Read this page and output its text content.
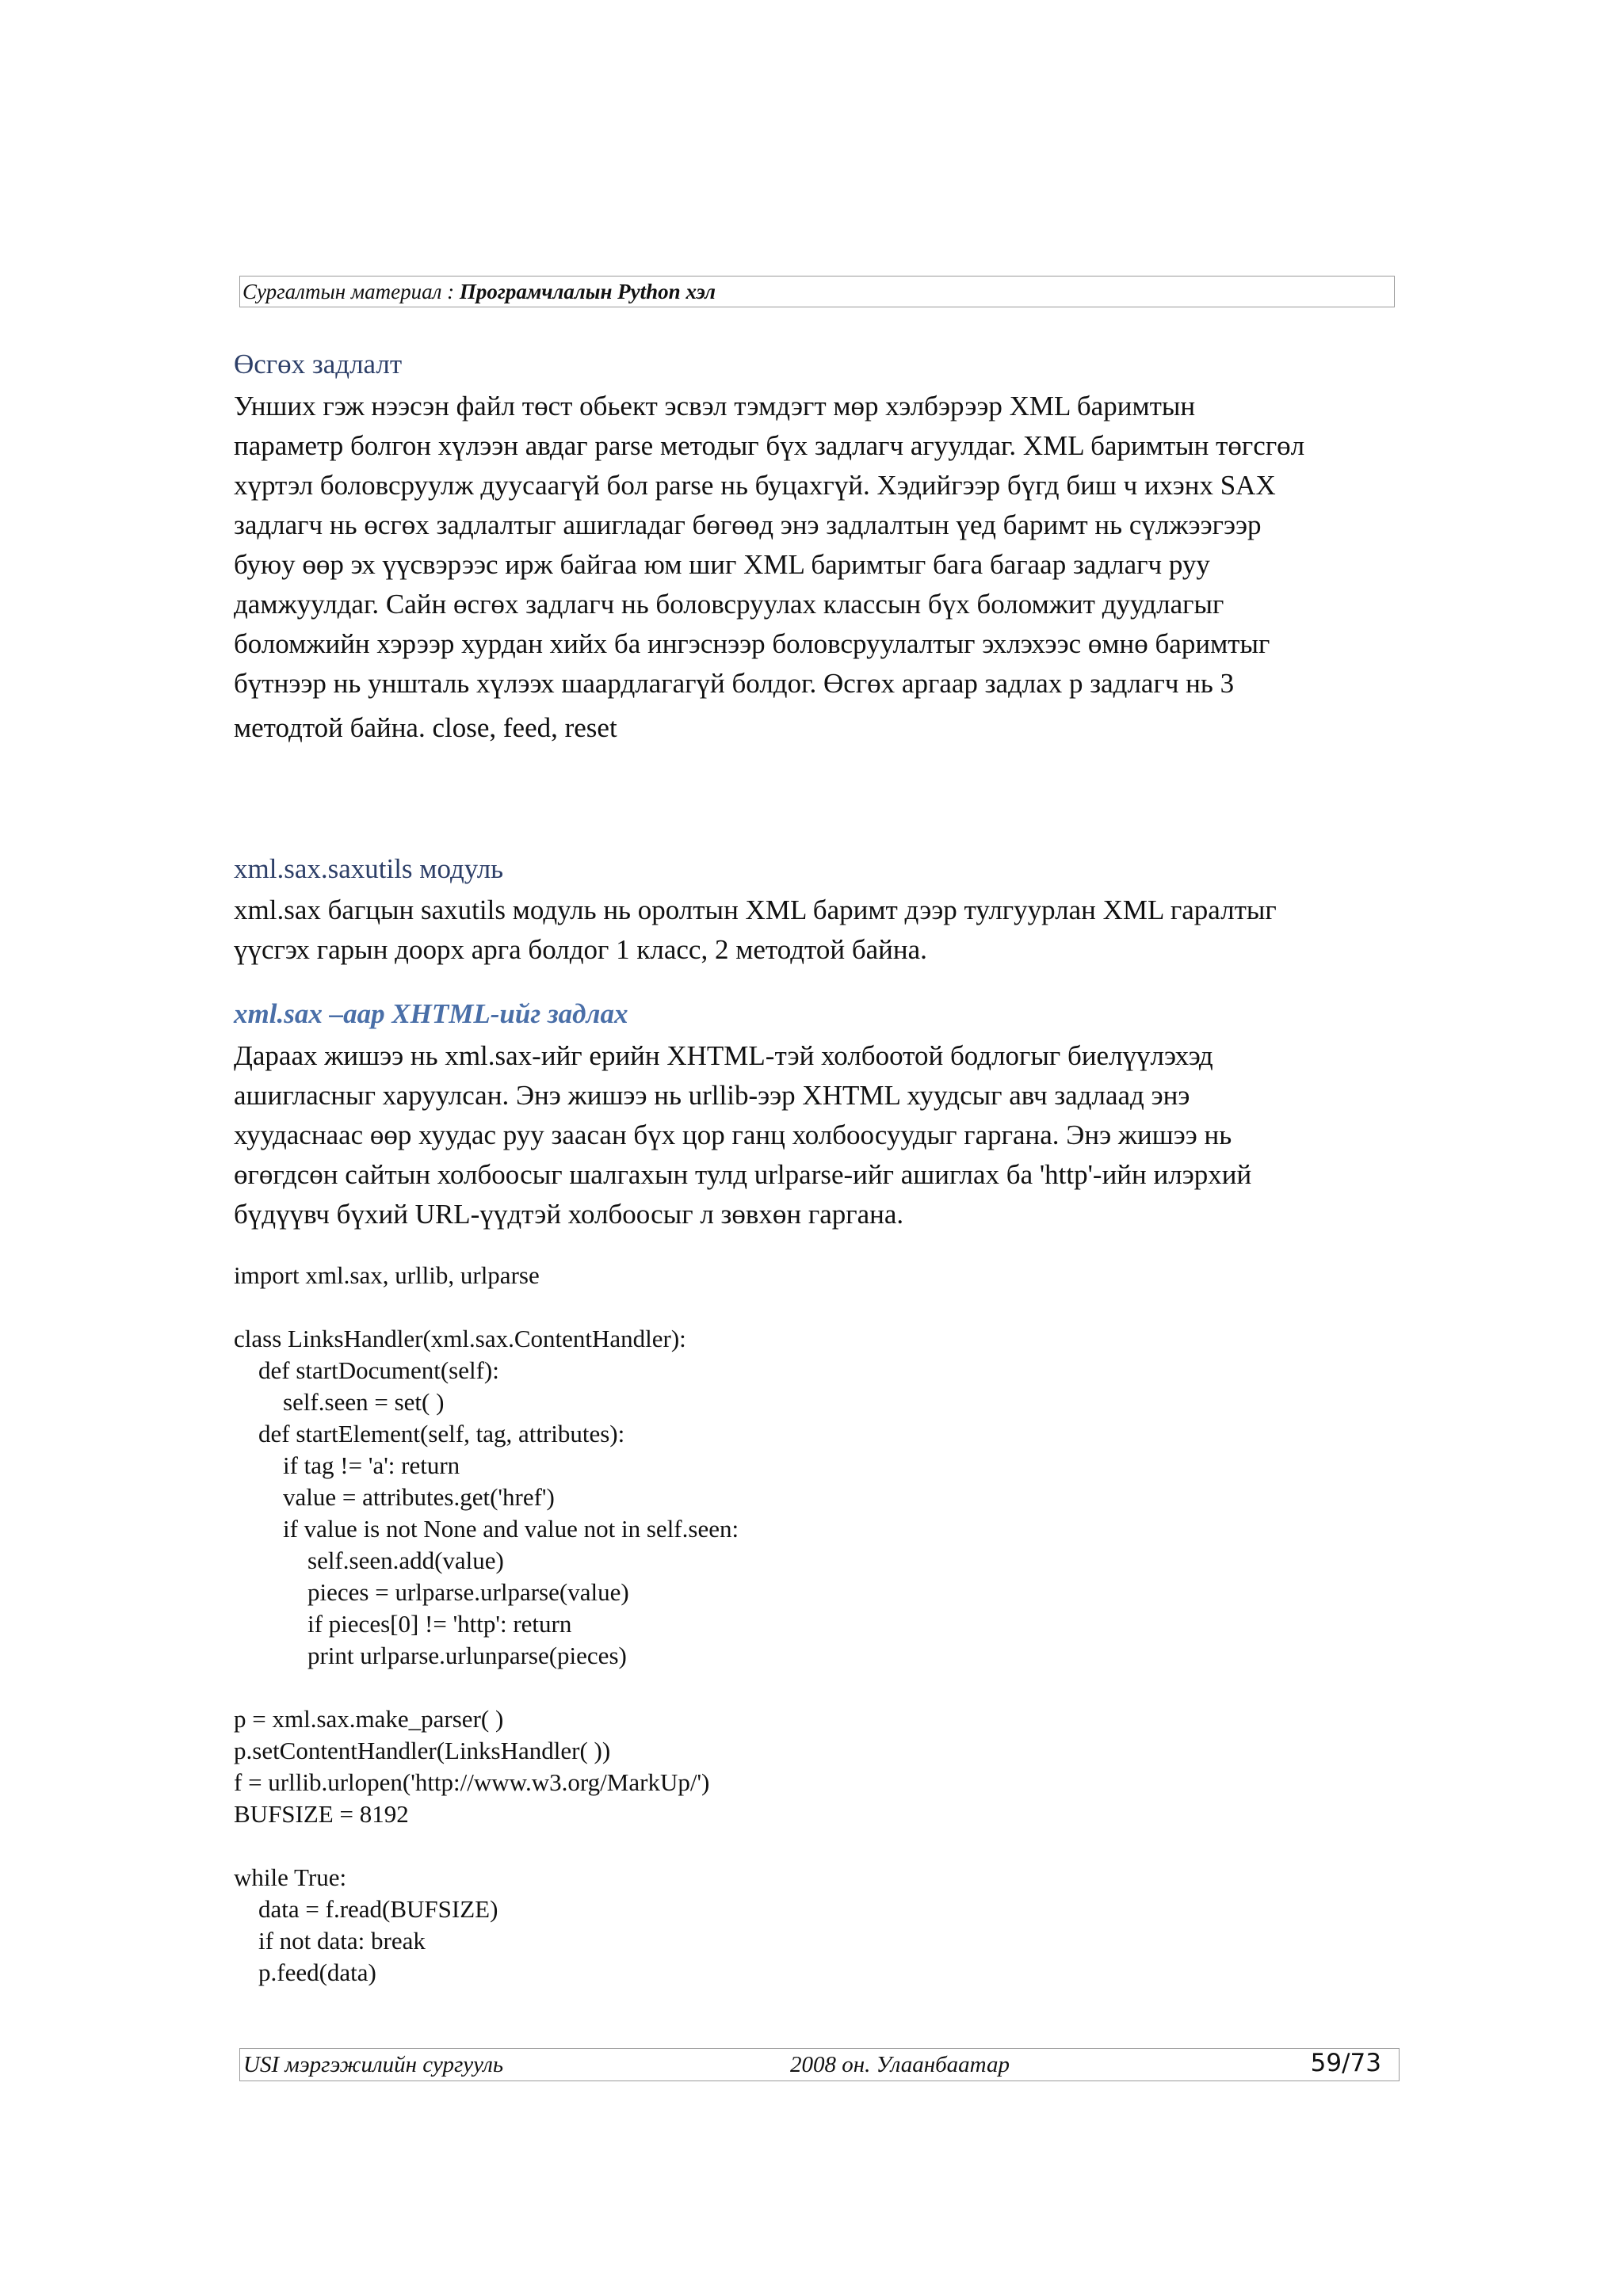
Сургалтын материал : Програмчлалын Python хэл
Өсгөх задлалт
Унших гэж нээсэн файл төст обьект эсвэл тэмдэгт мөр хэлбэрээр XML баримтын
параметр болгон хүлээн авдаг parse методыг бүх задлагч агуулдаг. XML баримтын төгсгөл
хүртэл боловсруулж дуусаагүй бол parse нь буцахгүй. Хэдийгээр бүгд биш ч ихэнх SAX
задлагч нь өсгөх задлалтыг ашигладаг бөгөөд энэ задлалтын үед баримт нь сүлжээгээр
буюу өөр эх үүсвэрээс ирж байгаа юм шиг XML баримтыг бага багаар задлагч руу
дамжуулдаг. Сайн өсгөх задлагч нь боловсруулах классын бүх боломжит дуудлагыг
боломжийн хэрээр хурдан хийх ба ингэснээр боловсруулалтыг эхлэхээс өмнө баримтыг
бүтнээр нь уншталь хүлээх шаардлагагүй болдог. Өсгөх аргаар задлах p задлагч нь 3
методтой байна. close, feed, reset
xml.sax.saxutils модуль
xml.sax багцын saxutils модуль нь оролтын XML баримт дээр тулгуурлан XML гаралтыг
үүсгэх гарын доорх арга болдог 1 класс, 2 методтой байна.
xml.sax –аар XHTML-ийг задлах
Дараах жишээ нь xml.sax-ийг ерийн XHTML-тэй холбоотой бодлогыг биелүүлэхэд
ашигласныг харуулсан. Энэ жишээ нь urllib-ээр XHTML хуудсыг авч задлаад энэ
хуудаснаас өөр хуудас руу заасан бүх цор ганц холбоосуудыг гаргана. Энэ жишээ нь
өгөгдсөн сайтын холбоосыг шалгахын тулд urlparse-ийг ашиглах ба 'http'-ийн илэрхий
бүдүүвч бүхий URL-үүдтэй холбоосыг л зөвхөн гаргана.
import xml.sax, urllib, urlparse

class LinksHandler(xml.sax.ContentHandler):
def startDocument(self):
self.seen = set( )
def startElement(self, tag, attributes):
if tag != 'a': return
value = attributes.get('href')
if value is not None and value not in self.seen:
self.seen.add(value)
pieces = urlparse.urlparse(value)
if pieces[0] != 'http': return
print urlparse.urlunparse(pieces)

p = xml.sax.make_parser( )
p.setContentHandler(LinksHandler( ))
f = urllib.urlopen('http://www.w3.org/MarkUp/')
BUFSIZE = 8192

while True:
data = f.read(BUFSIZE)
if not data: break
p.feed(data)
USI мэргэжилийн сургууль	2008 он. Улаанбаатар	59/73
